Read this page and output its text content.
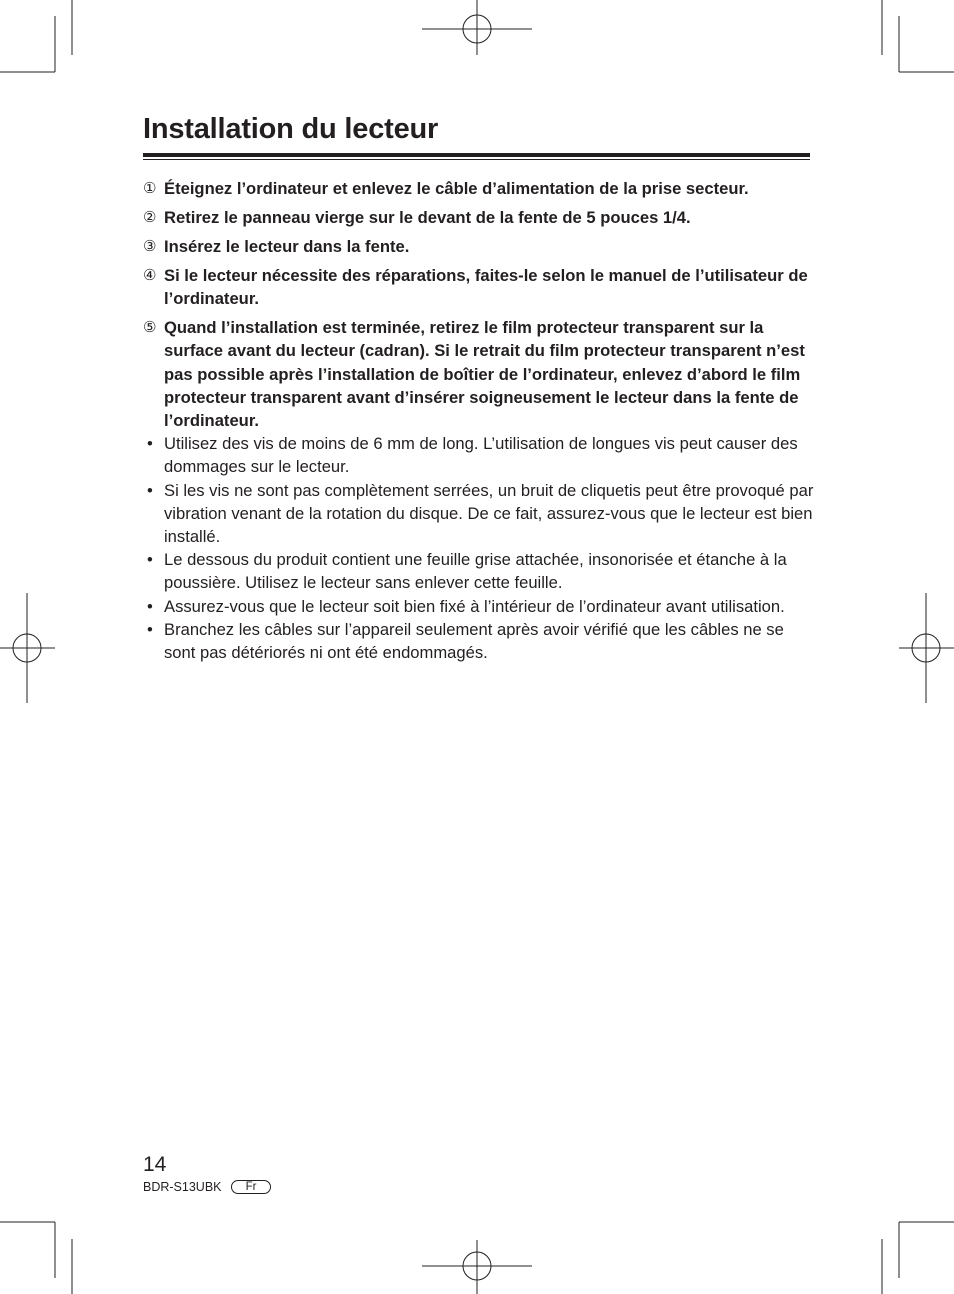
Installation du lecteur
① Éteignez l’ordinateur et enlevez le câble d’alimentation de la prise secteur.
② Retirez le panneau vierge sur le devant de la fente de 5 pouces 1/4.
③ Insérez le lecteur dans la fente.
④ Si le lecteur nécessite des réparations, faites-le selon le manuel de l’utilisateur de l’ordinateur.
⑤ Quand l’installation est terminée, retirez le film protecteur transparent sur la surface avant du lecteur (cadran). Si le retrait du film protecteur transparent n’est pas possible après l’installation de boîtier de l’ordinateur, enlevez d’abord le film protecteur transparent avant d’insérer soigneusement le lecteur dans la fente de l’ordinateur.
• Utilisez des vis de moins de 6 mm de long. L’utilisation de longues vis peut causer des dommages sur le lecteur.
• Si les vis ne sont pas complètement serrées, un bruit de cliquetis peut être provoqué par vibration venant de la rotation du disque. De ce fait, assurez-vous que le lecteur est bien installé.
• Le dessous du produit contient une feuille grise attachée, insonorisée et étanche à la poussière. Utilisez le lecteur sans enlever cette feuille.
• Assurez-vous que le lecteur soit bien fixé à l’intérieur de l’ordinateur avant utilisation.
• Branchez les câbles sur l’appareil seulement après avoir vérifié que les câbles ne se sont pas détériorés ni ont été endommagés.
14
BDR-S13UBK	Fr
